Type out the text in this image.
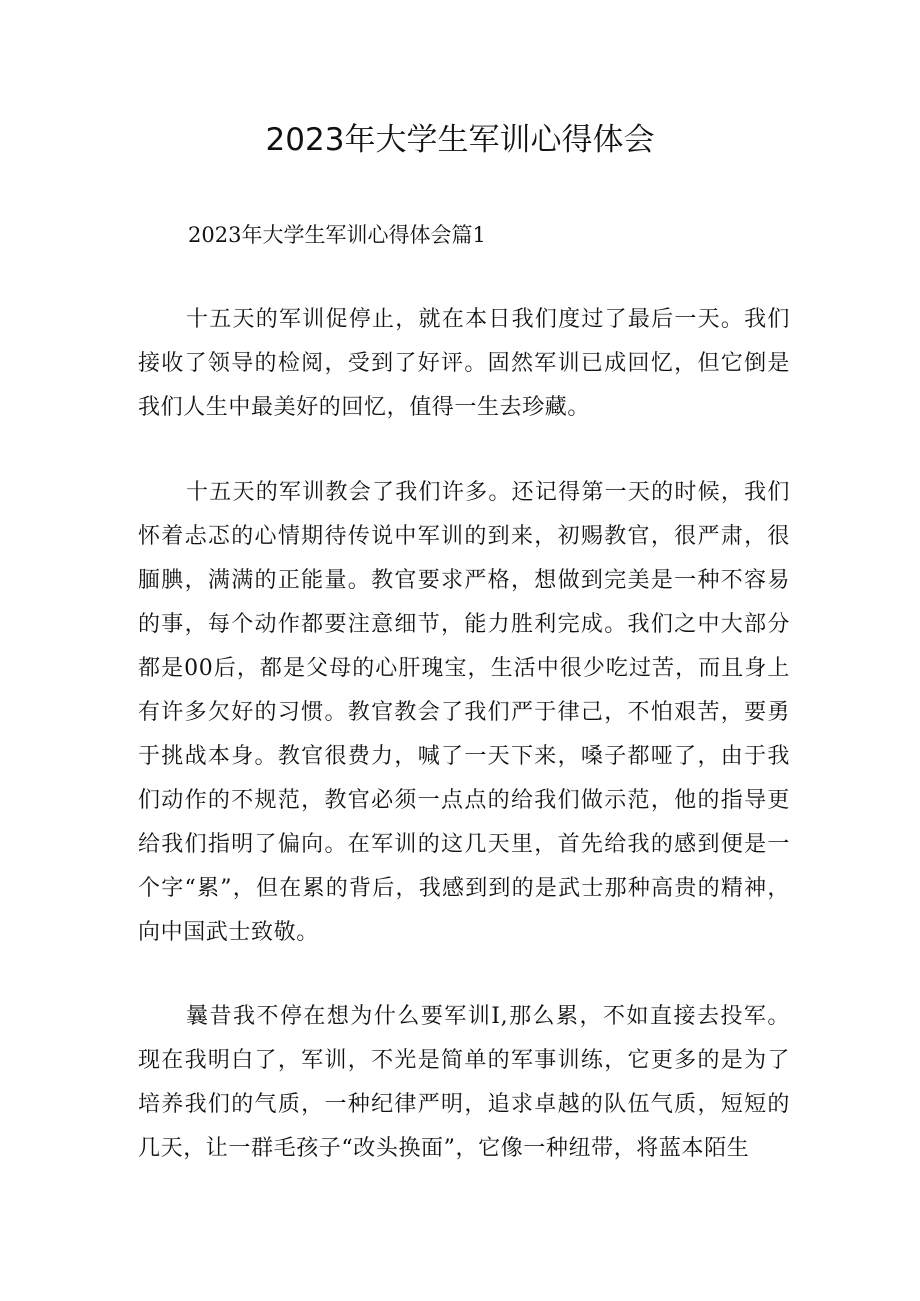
2023年大学生军训心得体会
2023年大学生军训心得体会篇1

十五天的军训促停止，就在本日我们度过了最后一天。我们接收了领导的检阅，受到了好评。固然军训已成回忆，但它倒是我们人生中最美好的回忆，值得一生去珍藏。

十五天的军训教会了我们许多。还记得第一天的时候，我们怀着忐忑的心情期待传说中军训的到来，初赐教官，很严肃，很腼腆，满满的正能量。教官要求严格，想做到完美是一种不容易的事，每个动作都要注意细节，能力胜利完成。我们之中大部分都是00后，都是父母的心肝瑰宝，生活中很少吃过苦，而且身上有许多欠好的习惯。教官教会了我们严于律己，不怕艰苦，要勇于挑战本身。教官很费力，喊了一天下来，嗓子都哑了，由于我们动作的不规范，教官必须一点点的给我们做示范，他的指导更给我们指明了偏向。在军训的这几天里，首先给我的感到便是一个字“累”，但在累的背后，我感到到的是武士那种高贵的精神，向中国武士致敬。

曩昔我不停在想为什么要军训I,那么累，不如直接去投军。现在我明白了，军训，不光是简单的军事训练，它更多的是为了培养我们的气质，一种纪律严明，追求卓越的队伍气质，短短的几天，让一群毛孩子“改头换面”，它像一种纽带，将蓝本陌生
